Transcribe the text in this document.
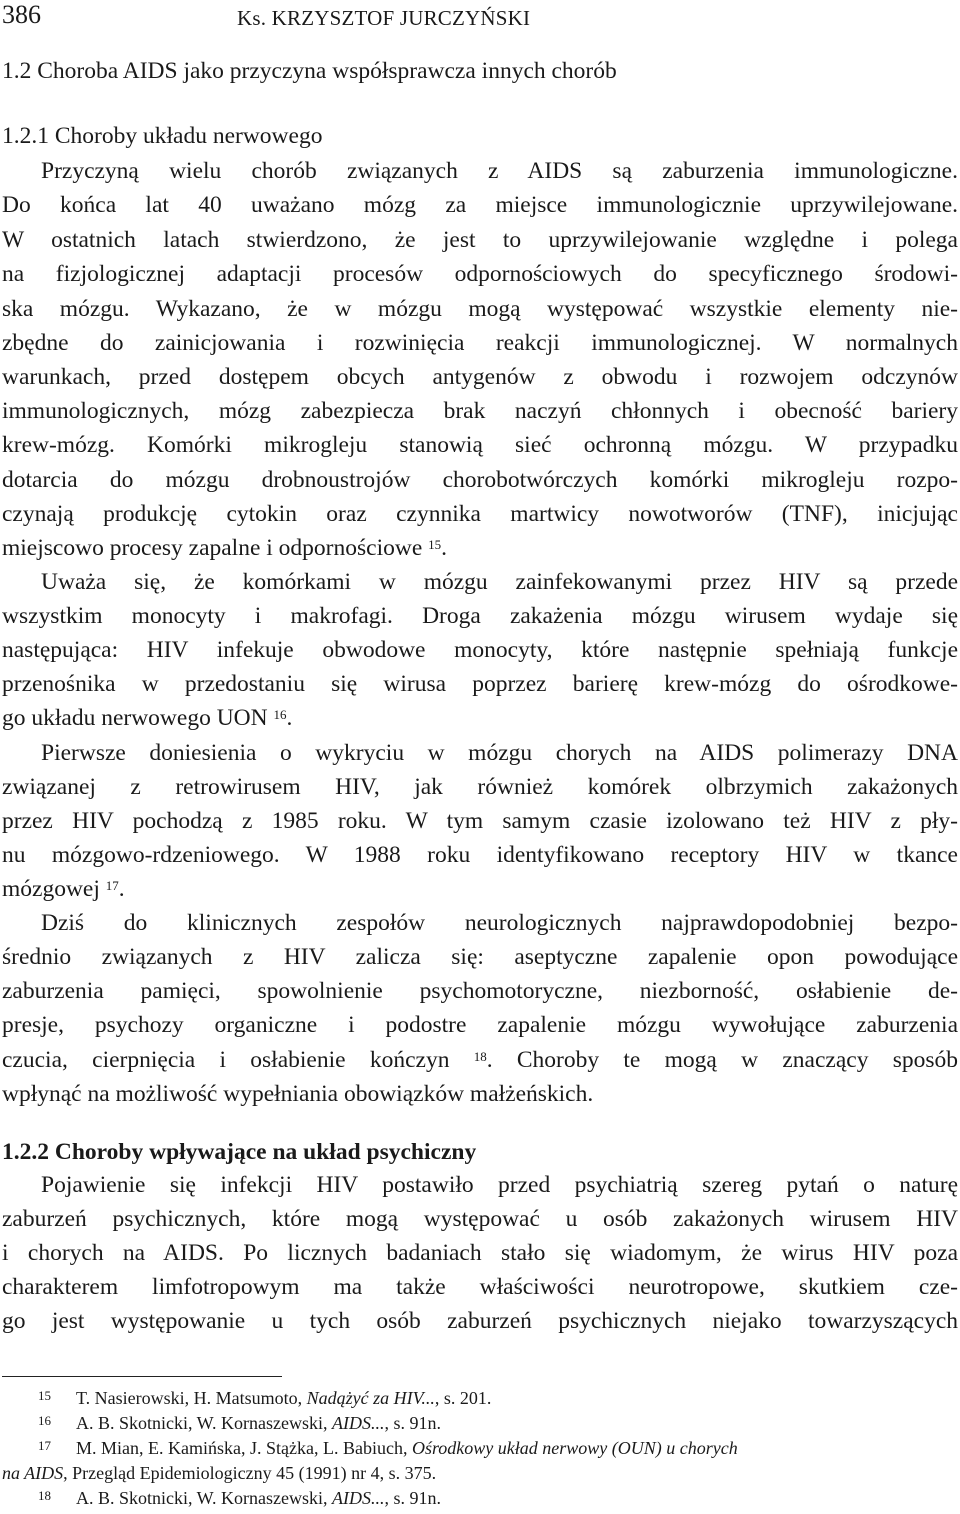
386	Ks. KRZYSZTOF JURCZYŃSKI
1.2 Choroba AIDS jako przyczyna współsprawcza innych chorób
1.2.1 Choroby układu nerwowego
Przyczyną wielu chorób związanych z AIDS są zaburzenia immunologiczne.
Do końca lat 40 uważano mózg za miejsce immunologicznie uprzywilejowane.
W ostatnich latach stwierdzono, że jest to uprzywilejowanie względne i polega
na fizjologicznej adaptacji procesów odpornościowych do specyficznego środowi-
ska mózgu. Wykazano, że w mózgu mogą występować wszystkie elementy nie-
zbędne do zainicjowania i rozwinięcia reakcji immunologicznej. W normalnych
warunkach, przed dostępem obcych antygenów z obwodu i rozwojem odczynów
immunologicznych, mózg zabezpiecza brak naczyń chłonnych i obecność bariery
krew-mózg. Komórki mikrogleju stanowią sieć ochronną mózgu. W przypadku
dotarcia do mózgu drobnoustrojów chorobotwórczych komórki mikrogleju rozpo-
czynają produkcję cytokin oraz czynnika martwicy nowotworów (TNF), inicjując
miejscowo procesy zapalne i odpornościowe $^{15}$.
Uważa się, że komórkami w mózgu zainfekowanymi przez HIV są przede
wszystkim monocyty i makrofagi. Droga zakażenia mózgu wirusem wydaje się
następująca: HIV infekuje obwodowe monocyty, które następnie spełniają funkcje
przenośnika w przedostaniu się wirusa poprzez barierę krew-mózg do ośrodkowe-
go układu nerwowego UON $^{16}$.
Pierwsze doniesienia o wykryciu w mózgu chorych na AIDS polimerazy DNA
związanej z retrowirusem HIV, jak również komórek olbrzymich zakażonych
przez HIV pochodzą z 1985 roku. W tym samym czasie izolowano też HIV z pły-
nu mózgowo-rdzeniowego. W 1988 roku identyfikowano receptory HIV w tkance
mózgowej $^{17}$.
Dziś do klinicznych zespołów neurologicznych najprawdopodobniej bezpo-
średnio związanych z HIV zalicza się: aseptyczne zapalenie opon powodujące
zaburzenia pamięci, spowolnienie psychomotoryczne, niezborność, osłabienie de-
presje, psychozy organiczne i podostre zapalenie mózgu wywołujące zaburzenia
czucia, cierpnięcia i osłabienie kończyn $^{18}$. Choroby te mogą w znaczący sposób
wpłynąć na możliwość wypełniania obowiązków małżeńskich.
1.2.2 Choroby wpływające na układ psychiczny
Pojawienie się infekcji HIV postawiło przed psychiatrią szereg pytań o naturę
zaburzeń psychicznych, które mogą występować u osób zakażonych wirusem HIV
i chorych na AIDS. Po licznych badaniach stało się wiadomym, że wirus HIV poza
charakterem limfotropowym ma także właściwości neurotropowe, skutkiem cze-
go jest występowanie u tych osób zaburzeń psychicznych niejako towarzyszących
15 T. Nasierowski, H. Matsumoto, Nadążyć za HIV..., s. 201.
16 A. B. Skotnicki, W. Kornaszewski, AIDS..., s. 91n.
17 M. Mian, E. Kamińska, J. Stążka, L. Babiuch, Ośrodkowy układ nerwowy (OUN) u chorych
na AIDS, Przegląd Epidemiologiczny 45 (1991) nr 4, s. 375.
18 A. B. Skotnicki, W. Kornaszewski, AIDS..., s. 91n.
